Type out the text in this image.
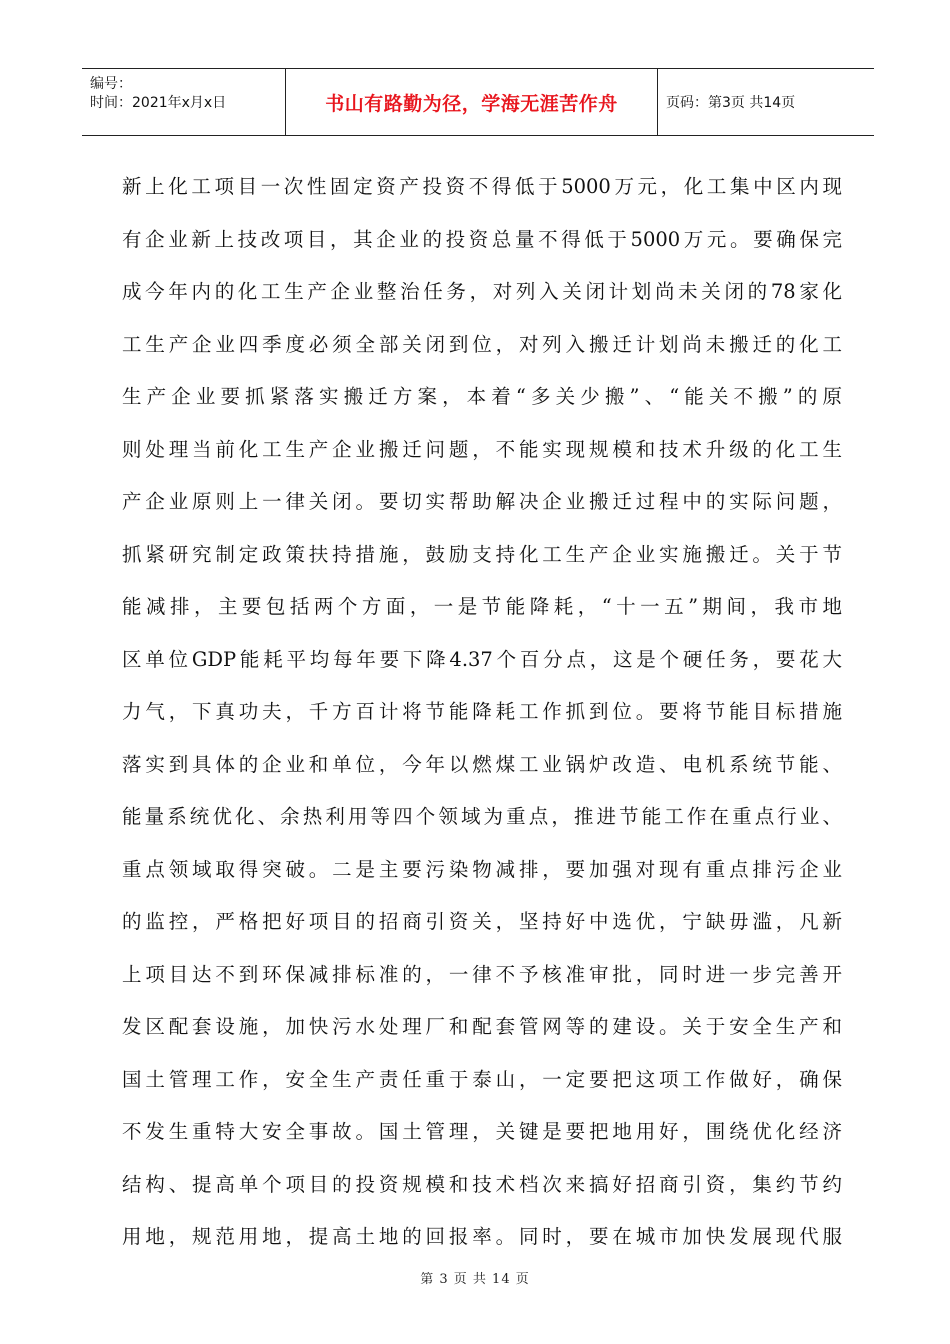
编号：
时间：2021年x月x日	书山有路勤为径，学海无涯苦作舟	页码：第3页 共14页
新上化工项目一次性固定资产投资不得低于5000万元，化工集中区内现
有企业新上技改项目，其企业的投资总量不得低于5000万元。要确保完
成今年内的化工生产企业整治任务，对列入关闭计划尚未关闭的78家化
工生产企业四季度必须全部关闭到位，对列入搬迁计划尚未搬迁的化工
生产企业要抓紧落实搬迁方案，本着“多关少搬”、“能关不搬”的原
则处理当前化工生产企业搬迁问题，不能实现规模和技术升级的化工生
产企业原则上一律关闭。要切实帮助解决企业搬迁过程中的实际问题，
抓紧研究制定政策扶持措施，鼓励支持化工生产企业实施搬迁。关于节
能减排，主要包括两个方面，一是节能降耗，“十一五”期间，我市地
区单位GDP能耗平均每年要下降4.37个百分点，这是个硬任务，要花大
力气，下真功夫，千方百计将节能降耗工作抓到位。要将节能目标措施
落实到具体的企业和单位，今年以燃煤工业锅炉改造、电机系统节能、
能量系统优化、余热利用等四个领域为重点，推进节能工作在重点行业、
重点领域取得突破。二是主要污染物减排，要加强对现有重点排污企业
的监控，严格把好项目的招商引资关，坚持好中选优，宁缺毋滥，凡新
上项目达不到环保减排标准的，一律不予核准审批，同时进一步完善开
发区配套设施，加快污水处理厂和配套管网等的建设。关于安全生产和
国土管理工作，安全生产责任重于泰山，一定要把这项工作做好，确保
不发生重特大安全事故。国土管理，关键是要把地用好，围绕优化经济
结构、提高单个项目的投资规模和技术档次来搞好招商引资，集约节约
用地，规范用地，提高土地的回报率。同时，要在城市加快发展现代服
第 3 页 共 14 页
